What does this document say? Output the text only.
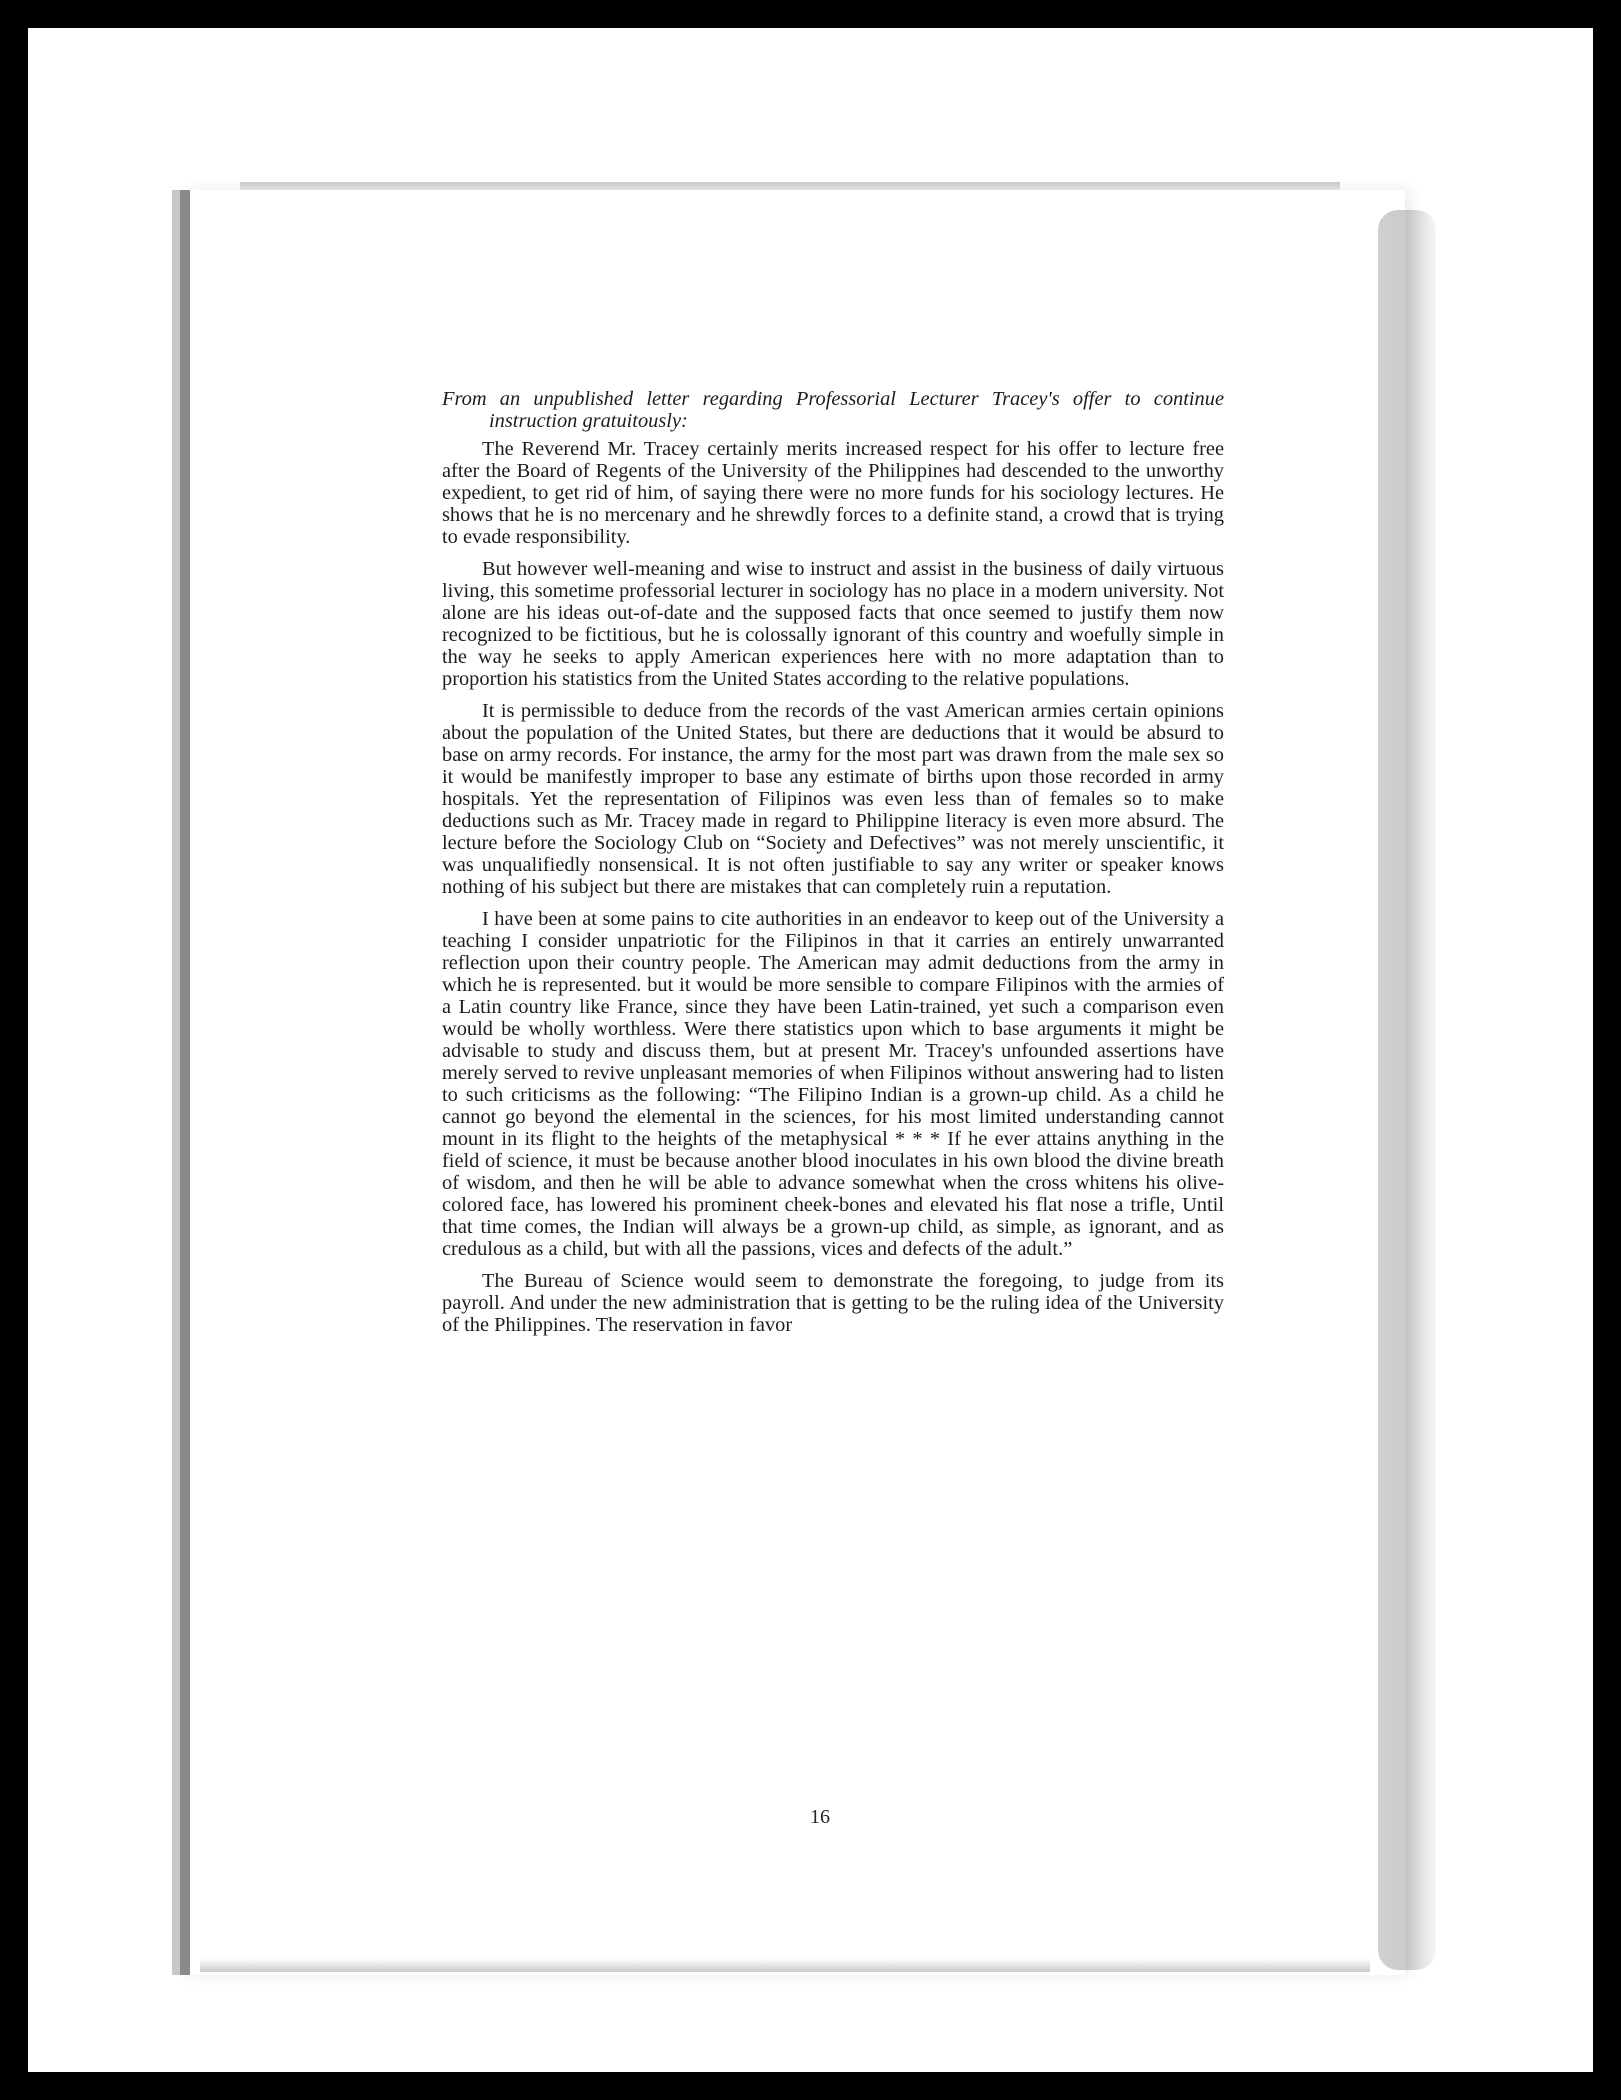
From an unpublished letter regarding Professorial Lecturer Tracey's offer to continue instruction gratuitously:

The Reverend Mr. Tracey certainly merits increased respect for his offer to lecture free after the Board of Regents of the University of the Philippines had descended to the unworthy expedient, to get rid of him, of saying there were no more funds for his sociology lectures. He shows that he is no mercenary and he shrewdly forces to a definite stand, a crowd that is trying to evade responsibility.

But however well-meaning and wise to instruct and assist in the business of daily virtuous living, this sometime professorial lecturer in sociology has no place in a modern university. Not alone are his ideas out-of-date and the supposed facts that once seemed to justify them now recognized to be fictitious, but he is colossally ignorant of this country and woefully simple in the way he seeks to apply American experiences here with no more adaptation than to proportion his statistics from the United States according to the relative populations.

It is permissible to deduce from the records of the vast American armies certain opinions about the population of the United States, but there are deductions that it would be absurd to base on army records. For instance, the army for the most part was drawn from the male sex so it would be manifestly improper to base any estimate of births upon those recorded in army hospitals. Yet the representation of Filipinos was even less than of females so to make deductions such as Mr. Tracey made in regard to Philippine literacy is even more absurd. The lecture before the Sociology Club on “Society and Defectives” was not merely unscientific, it was unqualifiedly nonsensical. It is not often justifiable to say any writer or speaker knows nothing of his subject but there are mistakes that can completely ruin a reputation.

I have been at some pains to cite authorities in an endeavor to keep out of the University a teaching I consider unpatriotic for the Filipinos in that it carries an entirely unwarranted reflection upon their country people. The American may admit deductions from the army in which he is represented. but it would be more sensible to compare Filipinos with the armies of a Latin country like France, since they have been Latin-trained, yet such a comparison even would be wholly worthless. Were there statistics upon which to base arguments it might be advisable to study and discuss them, but at present Mr. Tracey's unfounded assertions have merely served to revive unpleasant memories of when Filipinos without answering had to listen to such criticisms as the following: “The Filipino Indian is a grown-up child. As a child he cannot go beyond the elemental in the sciences, for his most limited understanding cannot mount in its flight to the heights of the metaphysical * * * If he ever attains anything in the field of science, it must be because another blood inoculates in his own blood the divine breath of wisdom, and then he will be able to advance somewhat when the cross whitens his olive-colored face, has lowered his prominent cheek-bones and elevated his flat nose a trifle, Until that time comes, the Indian will always be a grown-up child, as simple, as ignorant, and as credulous as a child, but with all the passions, vices and defects of the adult.”

The Bureau of Science would seem to demonstrate the foregoing, to judge from its payroll. And under the new administration that is getting to be the ruling idea of the University of the Philippines. The reservation in favor

16
